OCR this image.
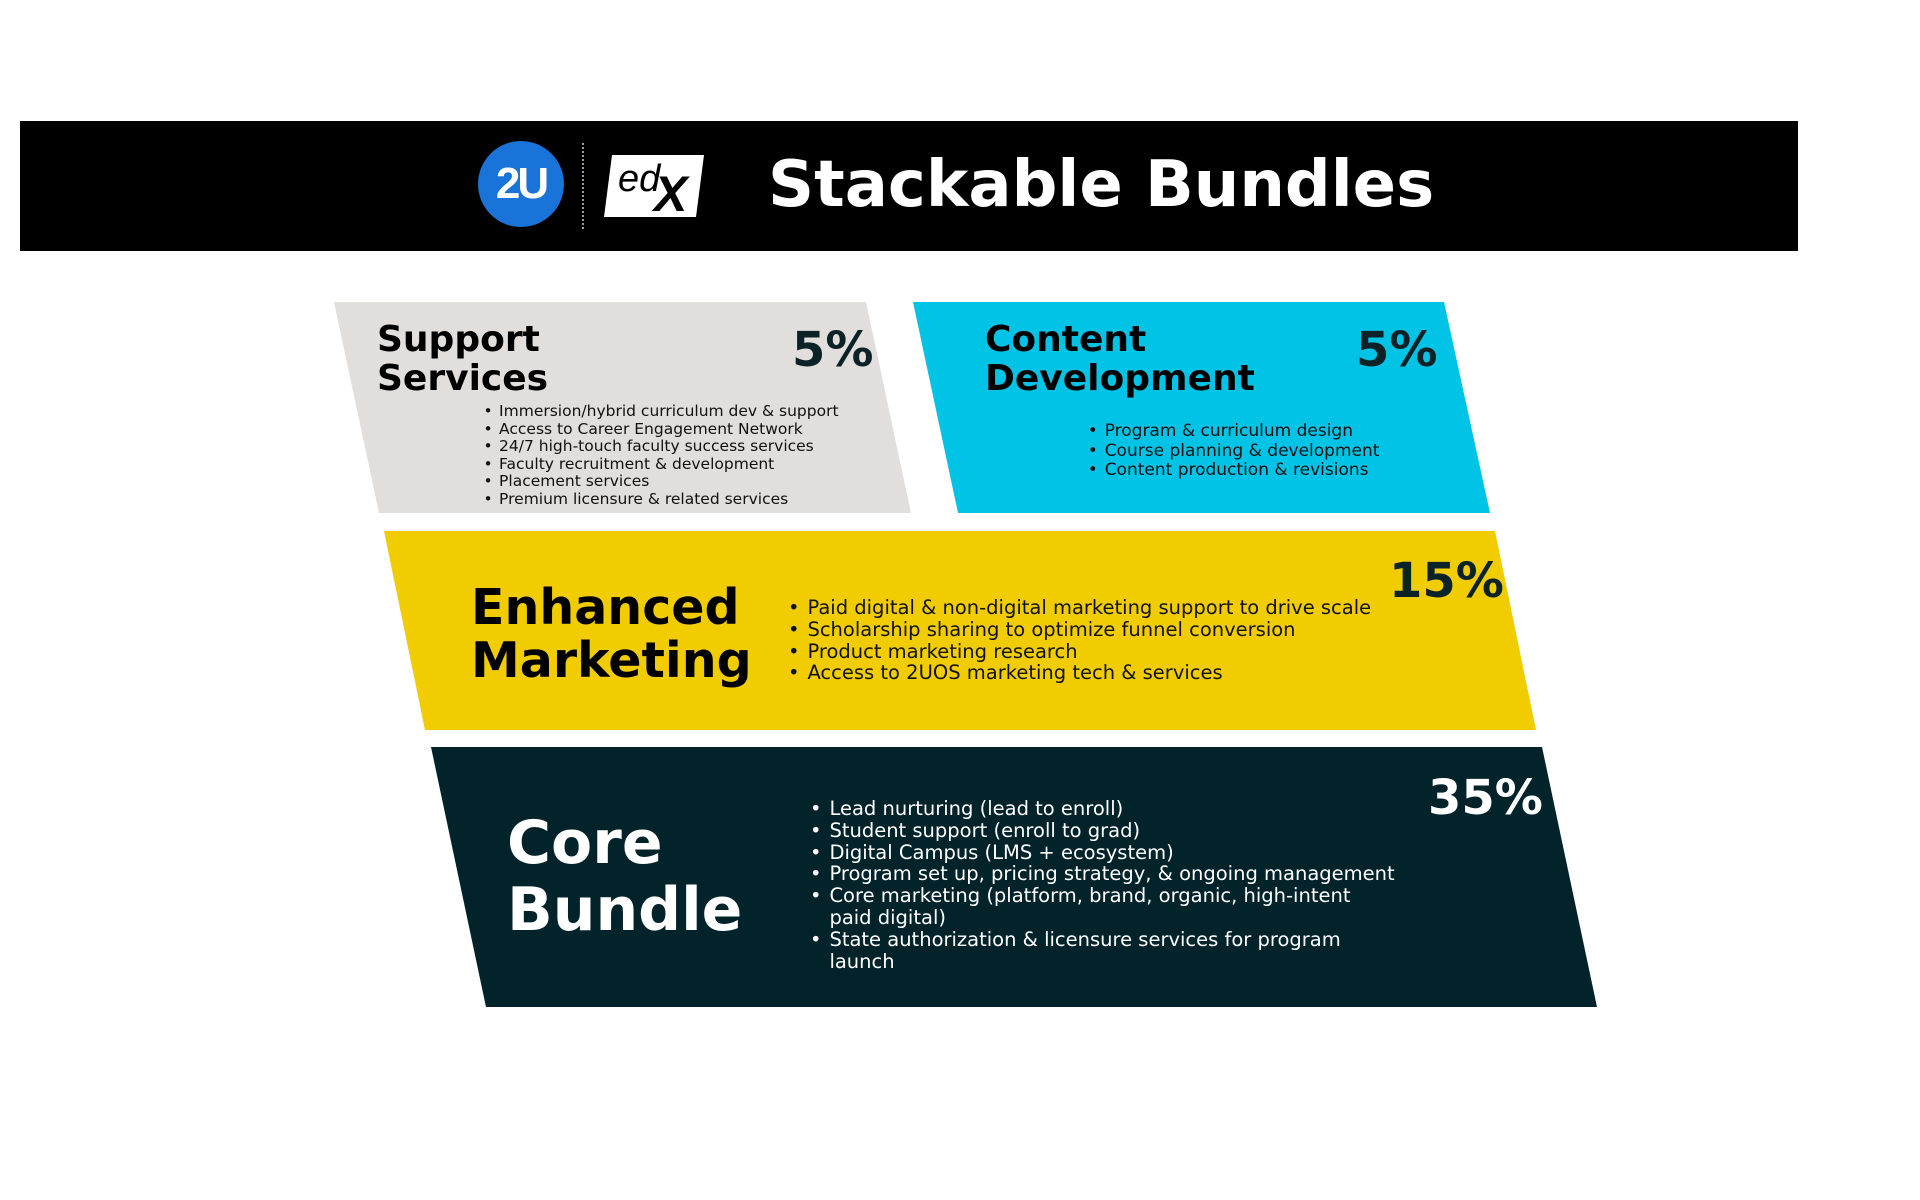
2U ed
X Stackable Bundles
Support
Services
5%
• Immersion/hybrid curriculum dev & support
• Access to Career Engagement Network
• 24/7 high-touch faculty success services
• Faculty recruitment & development
• Placement services
• Premium licensure & related services
Content
Development
5%
• Program & curriculum design
• Course planning & development
• Content production & revisions
Enhanced
Marketing
15%
• Paid digital & non-digital marketing support to drive scale
• Scholarship sharing to optimize funnel conversion
• Product marketing research
• Access to 2UOS marketing tech & services
Core
Bundle
35%
• Lead nurturing (lead to enroll)
• Student support (enroll to grad)
• Digital Campus (LMS + ecosystem)
• Program set up, pricing strategy, & ongoing management
• Core marketing (platform, brand, organic, high-intent paid digital)
• State authorization & licensure services for program launch
